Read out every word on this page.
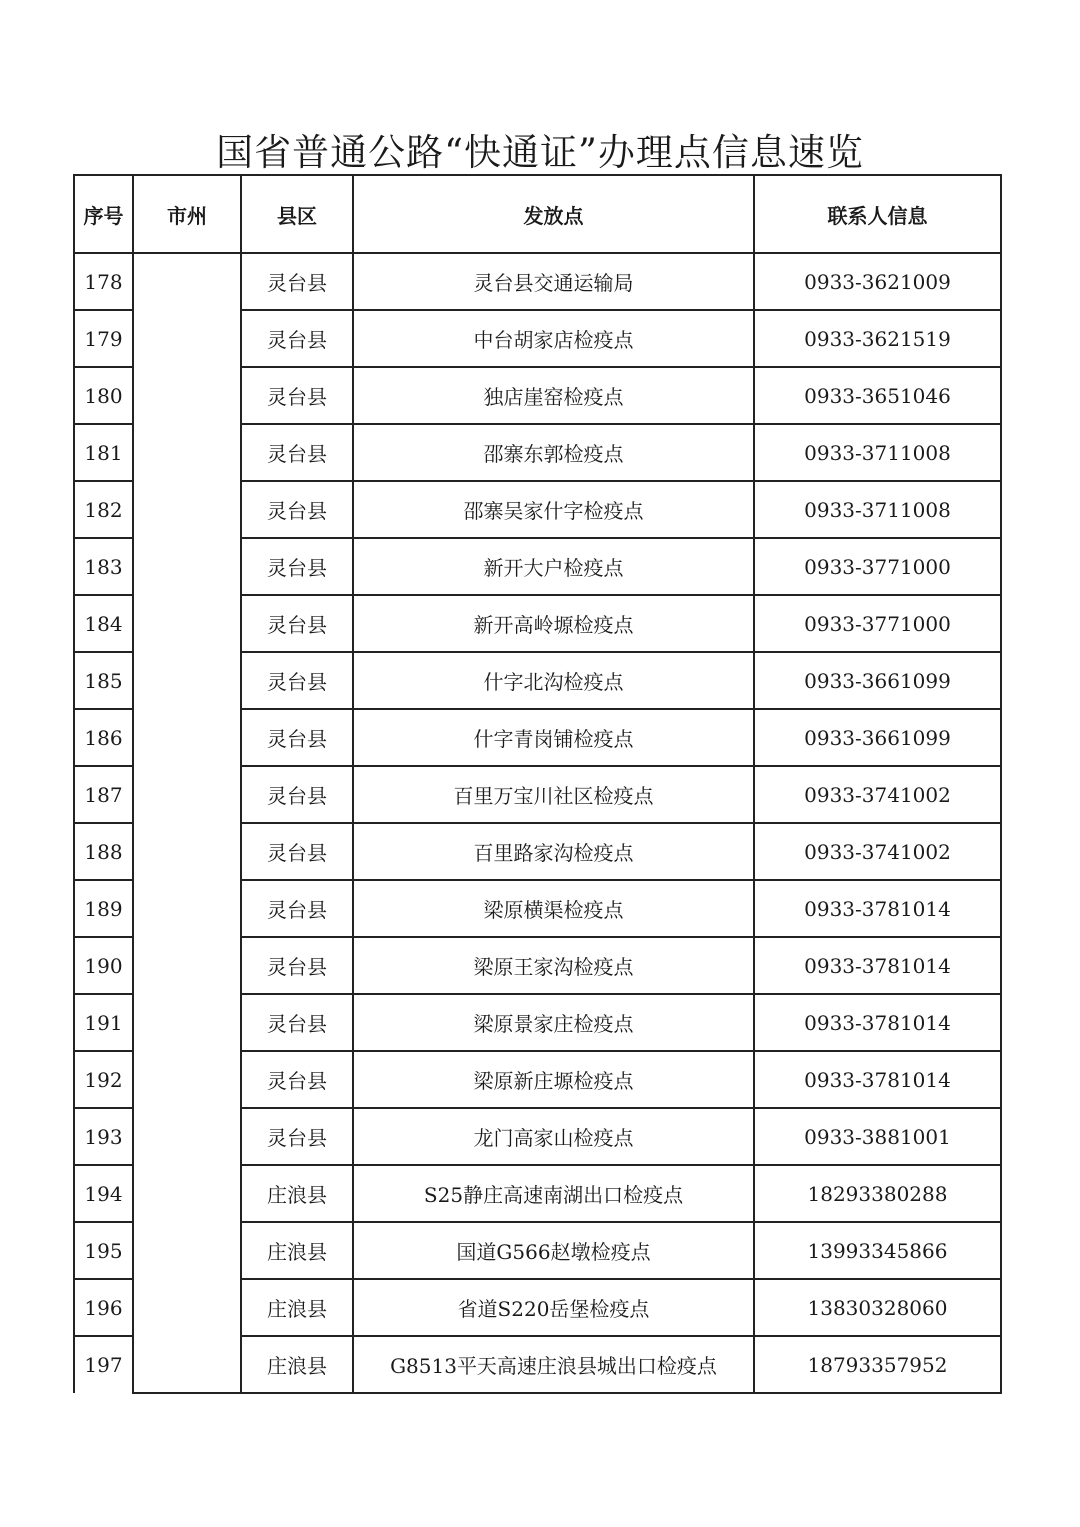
国省普通公路“快通证”办理点信息速览
序号	市州	县区	发放点	联系人信息
178		灵台县	灵台县交通运输局	0933-3621009
179		灵台县	中台胡家店检疫点	0933-3621519
180		灵台县	独店崖窑检疫点	0933-3651046
181		灵台县	邵寨东郭检疫点	0933-3711008
182		灵台县	邵寨吴家什字检疫点	0933-3711008
183		灵台县	新开大户检疫点	0933-3771000
184		灵台县	新开高岭塬检疫点	0933-3771000
185		灵台县	什字北沟检疫点	0933-3661099
186		灵台县	什字青岗铺检疫点	0933-3661099
187		灵台县	百里万宝川社区检疫点	0933-3741002
188		灵台县	百里路家沟检疫点	0933-3741002
189		灵台县	梁原横渠检疫点	0933-3781014
190		灵台县	梁原王家沟检疫点	0933-3781014
191		灵台县	梁原景家庄检疫点	0933-3781014
192		灵台县	梁原新庄塬检疫点	0933-3781014
193		灵台县	龙门高家山检疫点	0933-3881001
194		庄浪县	S25静庄高速南湖出口检疫点	18293380288
195		庄浪县	国道G566赵墩检疫点	13993345866
196		庄浪县	省道S220岳堡检疫点	13830328060
197		庄浪县	G8513平天高速庄浪县城出口检疫点	18793357952
